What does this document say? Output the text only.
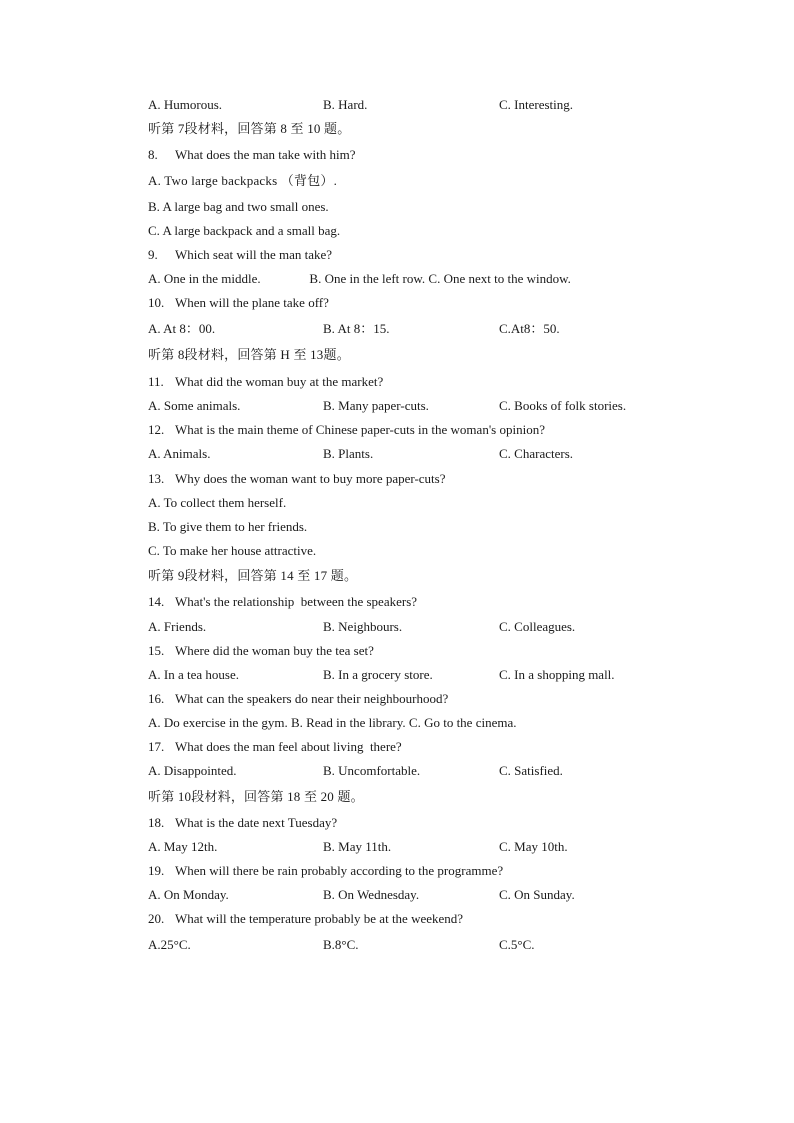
A. Humorous.	B. Hard.	C. Interesting.
听第 7段材料，回答第 8 至 10 题。
8. What does the man take with him?
A. Two large backpacks （背包）.
B. A large bag and two small ones.
C. A large backpack and a small bag.
9. Which seat will the man take?
A. One in the middle.               B. One in the left row. C. One next to the window.
10. When will the plane take off?
A. At 8：00.	B. At 8：15.	C.At8：50.
听第 8段材料，回答第 H 至 13题。
11. What did the woman buy at the market?
A. Some animals.	B. Many paper-cuts.	C. Books of folk stories.
12. What is the main theme of Chinese paper-cuts in the woman's opinion?
A. Animals.	B. Plants.	C. Characters.
13. Why does the woman want to buy more paper-cuts?
A. To collect them herself.
B. To give them to her friends.
C. To make her house attractive.
听第 9段材料，回答第 14 至 17 题。
14. What's the relationship  between the speakers?
A. Friends.	B. Neighbours.	C. Colleagues.
15. Where did the woman buy the tea set?
A. In a tea house.	B. In a grocery store.	C. In a shopping mall.
16. What can the speakers do near their neighbourhood?
A. Do exercise in the gym. B. Read in the library. C. Go to the cinema.
17. What does the man feel about living  there?
A. Disappointed.	B. Uncomfortable.	C. Satisfied.
听第 10段材料，回答第 18 至 20 题。
18. What is the date next Tuesday?
A. May 12th.	B. May 11th.	C. May 10th.
19. When will there be rain probably according to the programme?
A. On Monday.	B. On Wednesday.	C. On Sunday.
20. What will the temperature probably be at the weekend?
A.25°C.	B.8°C.	C.5°C.
